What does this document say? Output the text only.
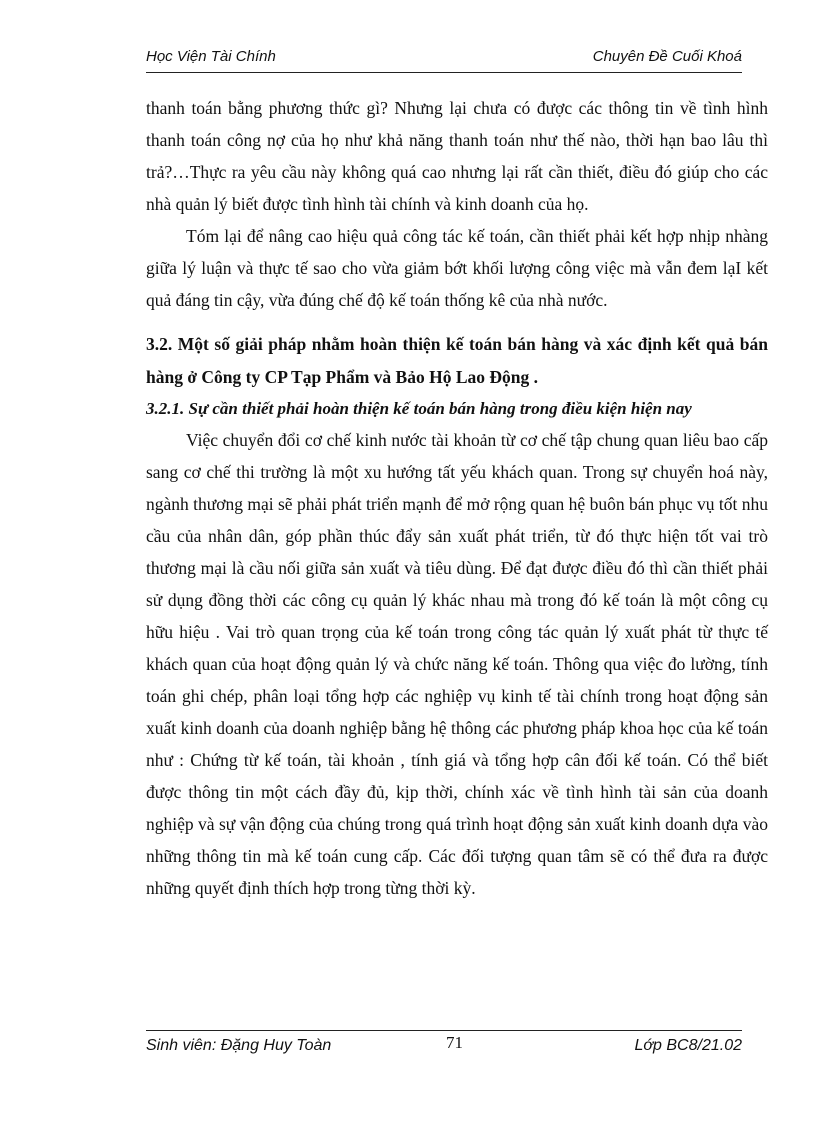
Học Viện Tài Chính	Chuyên Đề Cuối Khoá

thanh toán bằng phương thức gì? Nhưng lại chưa có được các thông tin về tình hình thanh toán công nợ của họ như khả năng thanh toán như thế nào, thời hạn bao lâu thì trả?…Thực ra yêu cầu này không quá cao nhưng lại rất cần thiết, điều đó giúp cho các nhà quản lý biết được tình hình tài chính và kinh doanh của họ.

Tóm lại để nâng cao hiệu quả công tác kế toán, cần thiết phải kết hợp nhịp nhàng giữa lý luận và thực tế sao cho vừa giảm bớt khối lượng công việc mà vẫn đem lạI kết quả đáng tin cậy, vừa đúng chế độ kế toán thống kê của nhà nước.

3.2. Một số giải pháp nhằm hoàn thiện kế toán bán hàng và xác định kết quả bán hàng ở Công ty CP Tạp Phẩm và Bảo Hộ Lao Động .

3.2.1. Sự cần thiết phải hoàn thiện kế toán bán hàng trong điều kiện hiện nay

Việc chuyển đổi cơ chế kinh nước tài khoản từ cơ chế tập chung quan liêu bao cấp sang cơ chế thi trường là một xu hướng tất yếu khách quan. Trong sự chuyển hoá này, ngành thương mại sẽ phải phát triển mạnh để mở rộng quan hệ buôn bán phục vụ tốt nhu cầu của nhân dân, góp phần thúc đẩy sản xuất phát triển, từ đó thực hiện tốt vai trò thương mại là cầu nối giữa sản xuất và tiêu dùng. Để đạt được điều đó thì cần thiết phải sử dụng đồng thời các công cụ quản lý khác nhau mà trong đó kế toán là một công cụ hữu hiệu . Vai trò quan trọng của kế toán trong công tác quản lý xuất phát từ thực tế khách quan của hoạt động quản lý và chức năng kế toán. Thông qua việc đo lường, tính toán ghi chép, phân loại tổng hợp các nghiệp vụ kinh tế tài chính trong hoạt động sản xuất kinh doanh của doanh nghiệp bằng hệ thông các phương pháp khoa học của kế toán như : Chứng từ kế toán, tài khoản , tính giá và tổng hợp cân đối kế toán. Có thể biết được thông tin một cách đầy đủ, kịp thời, chính xác về tình hình tài sản của doanh nghiệp và sự vận động của chúng trong quá trình hoạt động sản xuất kinh doanh dựa vào những thông tin mà kế toán cung cấp. Các đối tượng quan tâm sẽ có thể đưa ra được những quyết định thích hợp trong từng thời kỳ.

Sinh viên: Đặng Huy Toàn	71	Lớp BC8/21.02
